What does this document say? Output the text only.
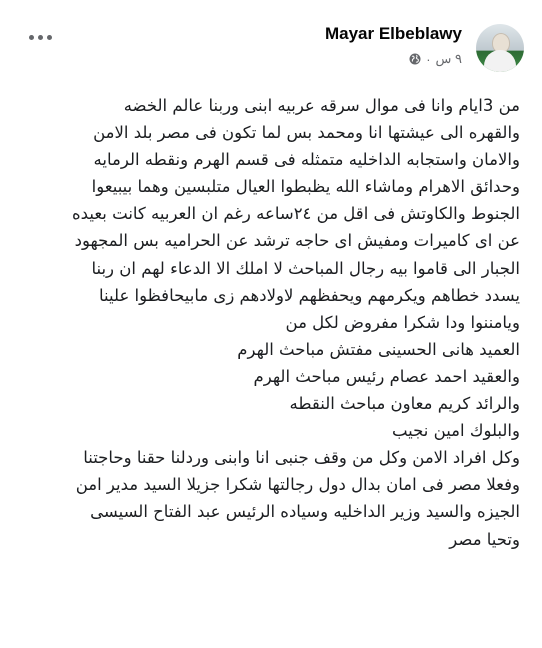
Mayar Elbeblawy
· ٩ س
من 3ايام وانا فى موال سرقه عربيه ابنى وربنا عالم الخضه
والقهره الى عيشتها انا ومحمد بس لما تكون فى مصر بلد الامن
والامان واستجابه الداخليه متمثله فى قسم الهرم ونقطه الرمايه
وحدائق الاهرام وماشاء الله يظبطوا العيال متلبسين وهما بيبيعوا
الجنوط والكاوتش فى اقل من ٢٤ساعه رغم ان العربيه كانت بعيده
عن اى كاميرات ومفيش اى حاجه ترشد عن الحراميه بس المجهود
الجبار الى قاموا بيه رجال المباحث لا املك الا الدعاء لهم ان ربنا
يسدد خطاهم ويكرمهم ويحفظهم لاولادهم زى مابيحافظوا علينا
ويامننوا ودا شكرا مفروض لكل من
العميد هانى الحسينى مفتش مباحث الهرم
والعقيد احمد عصام رئيس مباحث الهرم
والرائد كريم معاون مباحث النقطه
والبلوك امين نجيب
وكل افراد الامن وكل من وقف جنبى انا وابنى وردلنا حقنا وحاجتنا
وفعلا مصر فى امان بدال دول رجالتها شكرا جزيلا السيد مدير امن
الجيزه والسيد وزير الداخليه وسياده الرئيس عبد الفتاح السيسى
وتحيا مصر
